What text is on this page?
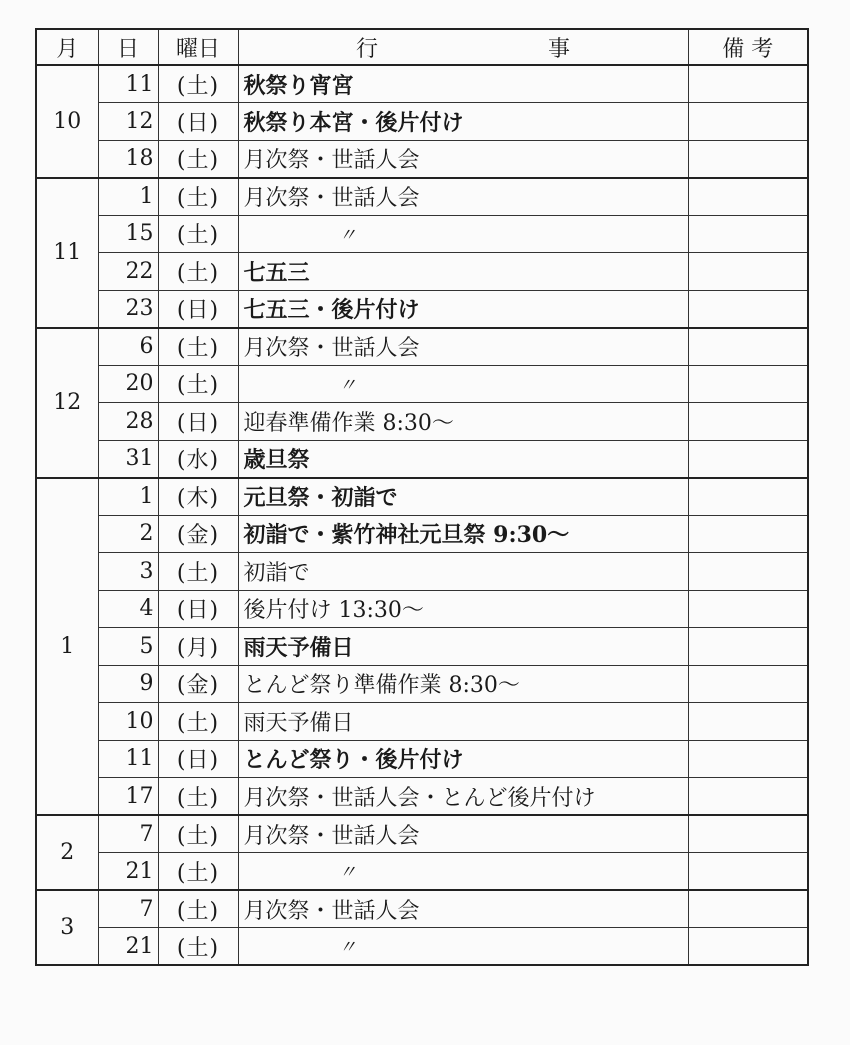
月	日	曜日	行 事	備 考
10	11	(土)	秋祭り宵宮	
	12	(日)	秋祭り本宮・後片付け	
	18	(土)	月次祭・世話人会	
11	1	(土)	月次祭・世話人会	
	15	(土)	〃	
	22	(土)	七五三	
	23	(日)	七五三・後片付け	
12	6	(土)	月次祭・世話人会	
	20	(土)	〃	
	28	(日)	迎春準備作業 8:30～	
	31	(水)	歳旦祭	
1	1	(木)	元旦祭・初詣で	
	2	(金)	初詣で・紫竹神社元旦祭 9:30～	
	3	(土)	初詣で	
	4	(日)	後片付け 13:30～	
	5	(月)	雨天予備日	
	9	(金)	とんど祭り準備作業 8:30～	
	10	(土)	雨天予備日	
	11	(日)	とんど祭り・後片付け	
	17	(土)	月次祭・世話人会・とんど後片付け	
2	7	(土)	月次祭・世話人会	
	21	(土)	〃	
3	7	(土)	月次祭・世話人会	
	21	(土)	〃	
